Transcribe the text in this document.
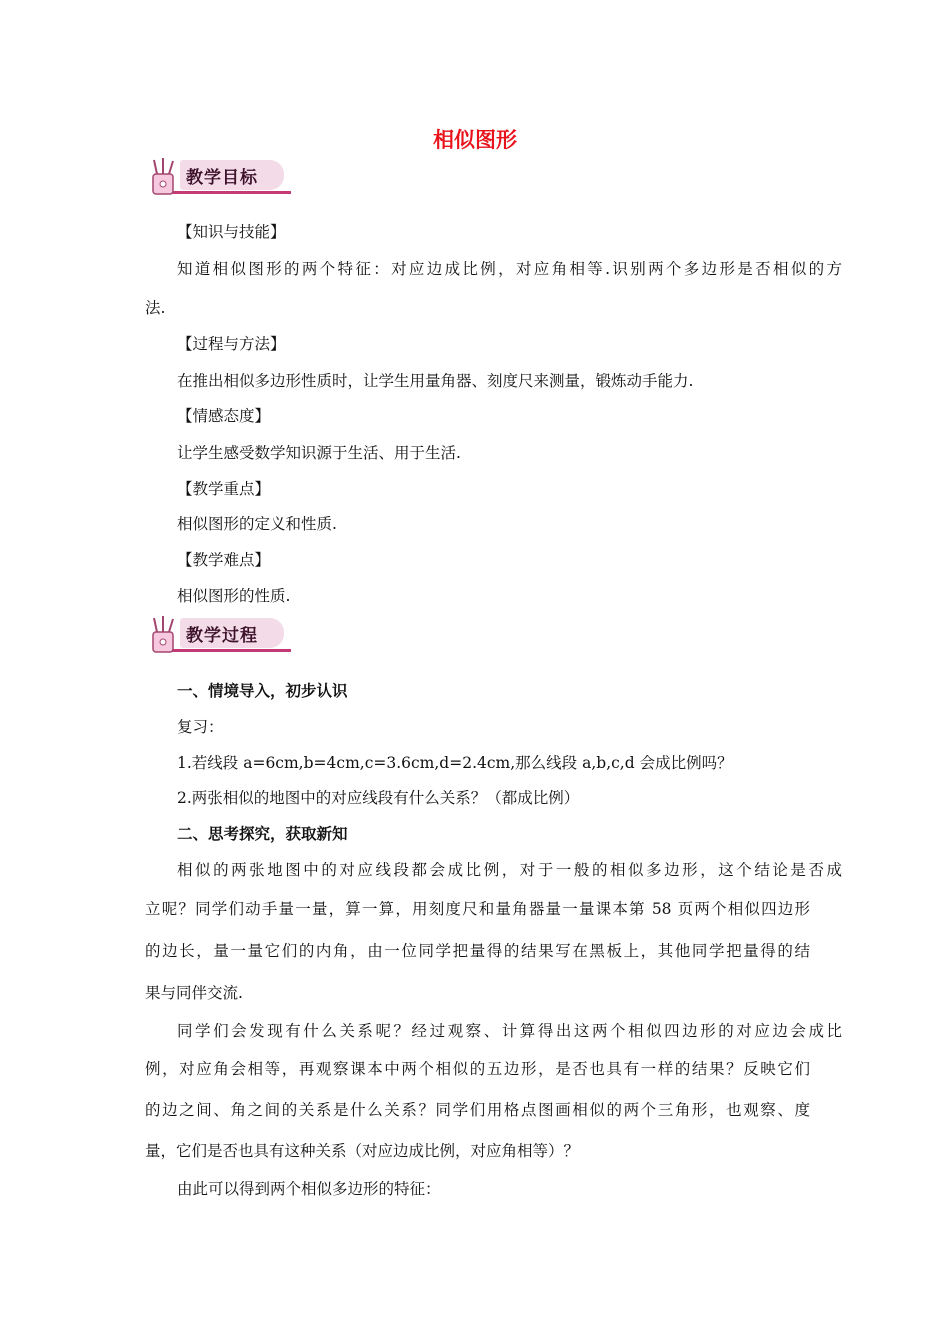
相似图形
教学目标
【知识与技能】
知道相似图形的两个特征：对应边成比例，对应角相等.识别两个多边形是否相似的方
法.
【过程与方法】
在推出相似多边形性质时，让学生用量角器、刻度尺来测量，锻炼动手能力.
【情感态度】
让学生感受数学知识源于生活、用于生活.
【教学重点】
相似图形的定义和性质.
【教学难点】
相似图形的性质.
教学过程
一、情境导入，初步认识
复习：
1.若线段 a=6cm,b=4cm,c=3.6cm,d=2.4cm,那么线段 a,b,c,d 会成比例吗？
2.两张相似的地图中的对应线段有什么关系？（都成比例）
二、思考探究，获取新知
相似的两张地图中的对应线段都会成比例，对于一般的相似多边形，这个结论是否成
立呢？同学们动手量一量，算一算，用刻度尺和量角器量一量课本第 58 页两个相似四边形
的边长，量一量它们的内角，由一位同学把量得的结果写在黑板上，其他同学把量得的结
果与同伴交流.
同学们会发现有什么关系呢？经过观察、计算得出这两个相似四边形的对应边会成比
例，对应角会相等，再观察课本中两个相似的五边形，是否也具有一样的结果？反映它们
的边之间、角之间的关系是什么关系？同学们用格点图画相似的两个三角形，也观察、度
量，它们是否也具有这种关系（对应边成比例，对应角相等）？
由此可以得到两个相似多边形的特征：
